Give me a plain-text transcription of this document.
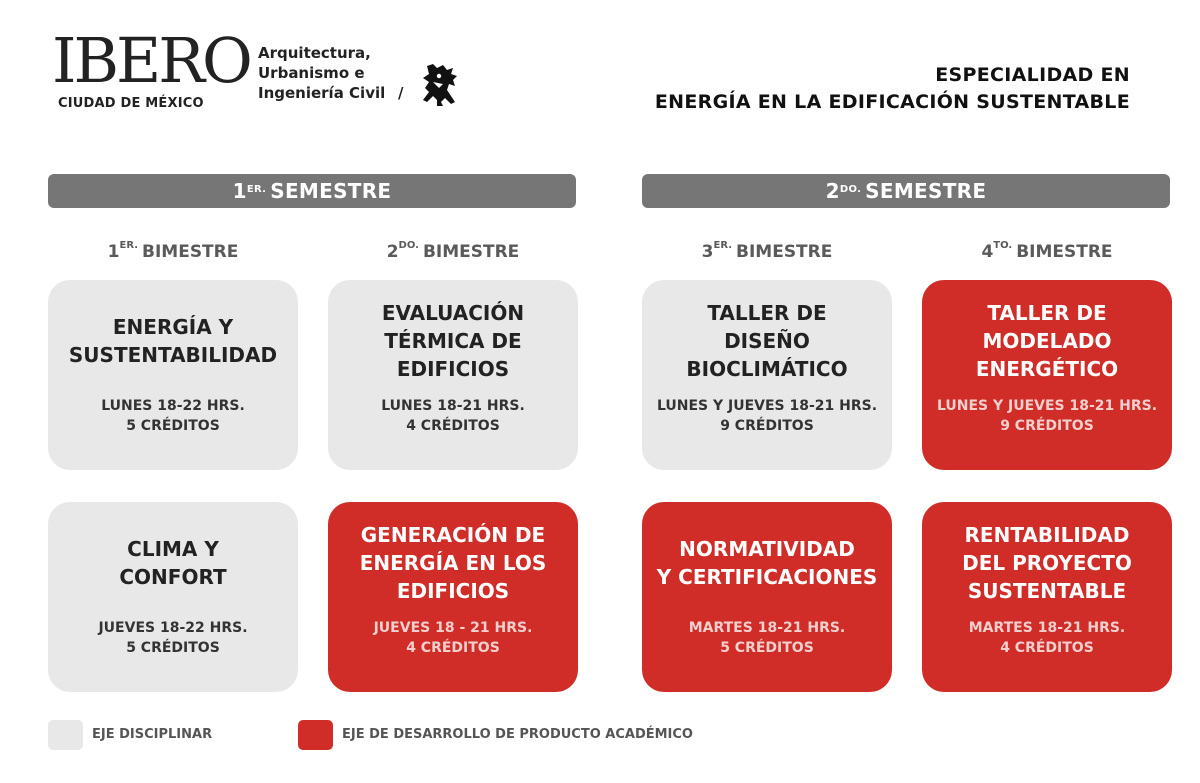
IBERO
CIUDAD DE MÉXICO
Arquitectura,
Urbanismo e
Ingeniería Civil /
ESPECIALIDAD EN
ENERGÍA EN LA EDIFICACIÓN SUSTENTABLE
$1^{ER.}$ SEMESTRE	$2^{DO.}$ SEMESTRE
$1^{ER.}$ BIMESTRE	$2^{DO.}$ BIMESTRE	$3^{ER.}$ BIMESTRE	$4^{TO.}$ BIMESTRE
ENERGÍA Y
SUSTENTABILIDAD
LUNES 18-22 HRS.
5 CRÉDITOS
EVALUACIÓN
TÉRMICA DE
EDIFICIOS
LUNES 18-21 HRS.
4 CRÉDITOS
TALLER DE
DISEÑO
BIOCLIMÁTICO
LUNES Y JUEVES 18-21 HRS.
9 CRÉDITOS
TALLER DE
MODELADO
ENERGÉTICO
LUNES Y JUEVES 18-21 HRS.
9 CRÉDITOS
CLIMA Y
CONFORT
JUEVES 18-22 HRS.
5 CRÉDITOS
GENERACIÓN DE
ENERGÍA EN LOS
EDIFICIOS
JUEVES 18 - 21 HRS.
4 CRÉDITOS
NORMATIVIDAD
Y CERTIFICACIONES
MARTES 18-21 HRS.
5 CRÉDITOS
RENTABILIDAD
DEL PROYECTO
SUSTENTABLE
MARTES 18-21 HRS.
4 CRÉDITOS
EJE DISCIPLINAR	EJE DE DESARROLLO DE PRODUCTO ACADÉMICO
